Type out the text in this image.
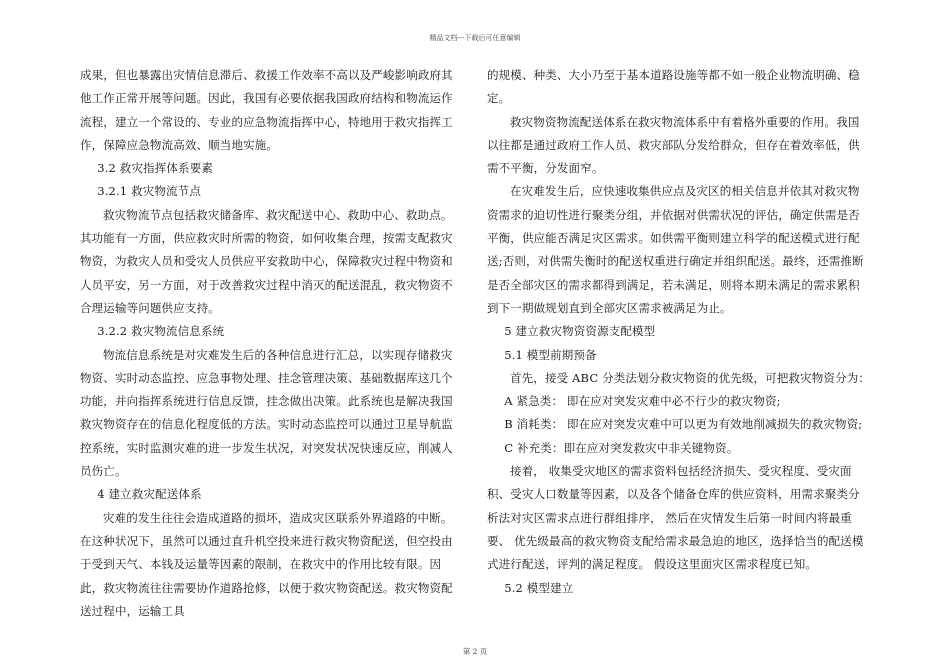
精品文档---下载后可任意编辑

成果，但也暴露出灾情信息滞后、救援工作效率不高以及严峻影响政府其他工作正常开展等问题。因此，我国有必要依据我国政府结构和物流运作流程，建立一个常设的、专业的应急物流指挥中心，特地用于救灾指挥工作，保障应急物流高效、顺当地实施。

3.2 救灾指挥体系要素

3.2.1 救灾物流节点

救灾物流节点包括救灾储备库、救灾配送中心、救助中心、救助点。其功能有一方面，供应救灾时所需的物资，如何收集合理，按需支配救灾物资，为救灾人员和受灾人员供应平安救助中心，保障救灾过程中物资和人员平安，另一方面，对于改善救灾过程中消灭的配送混乱，救灾物资不合理运输等问题供应支持。

3.2.2 救灾物流信息系统

物流信息系统是对灾难发生后的各种信息进行汇总，以实现存储救灾物资、实时动态监控、应急事物处理、挂念管理决策、基础数据库这几个功能，并向指挥系统进行信息反馈，挂念做出决策。此系统也是解决我国救灾物资存在的信息化程度低的方法。实时动态监控可以通过卫星导航监控系统，实时监测灾难的进一步发生状况，对突发状况快速反应，削减人员伤亡。

4 建立救灾配送体系

灾难的发生往往会造成道路的损坏，造成灾区联系外界道路的中断。在这种状况下，虽然可以通过直升机空投来进行救灾物资配送，但空投由于受到天气、本钱及运量等因素的限制，在救灾中的作用比较有限。因此，救灾物流往往需要协作道路抢修，以便于救灾物资配送。救灾物资配送过程中，运输工具

的规模、种类、大小乃至于基本道路设施等都不如一般企业物流明确、稳定。

救灾物资物流配送体系在救灾物流体系中有着格外重要的作用。我国以往都是通过政府工作人员、救灾部队分发给群众，但存在着效率低，供需不平衡，分发面窄。

在灾难发生后，应快速收集供应点及灾区的相关信息并依其对救灾物资需求的迫切性进行聚类分组，并依据对供需状况的评估，确定供需是否平衡，供应能否满足灾区需求。如供需平衡则建立科学的配送模式进行配送;否则，对供需失衡时的配送权重进行确定并组织配送。最终，还需推断是否全部灾区的需求都得到满足，若未满足，则将本期未满足的需求累积到下一期做规划直到全部灾区需求被满足为止。

5 建立救灾物资资源支配模型

5.1 模型前期预备

首先，接受 ABC 分类法划分救灾物资的优先级，可把救灾物资分为：

A 紧急类： 即在应对突发灾难中必不行少的救灾物资;

B 消耗类： 即在应对突发灾难中可以更为有效地削减损失的救灾物资;

C 补充类：即在应对突发救灾中非关键物资。

接着， 收集受灾地区的需求资料包括经济损失、受灾程度、受灾面积、受灾人口数量等因素，以及各个储备仓库的供应资料，用需求聚类分析法对灾区需求点进行群组排序， 然后在灾情发生后第一时间内将最重要、 优先级最高的救灾物资支配给需求最急迫的地区，选择恰当的配送模式进行配送，评判的满足程度。 假设这里面灾区需求程度已知。

5.2 模型建立

第 2 页
